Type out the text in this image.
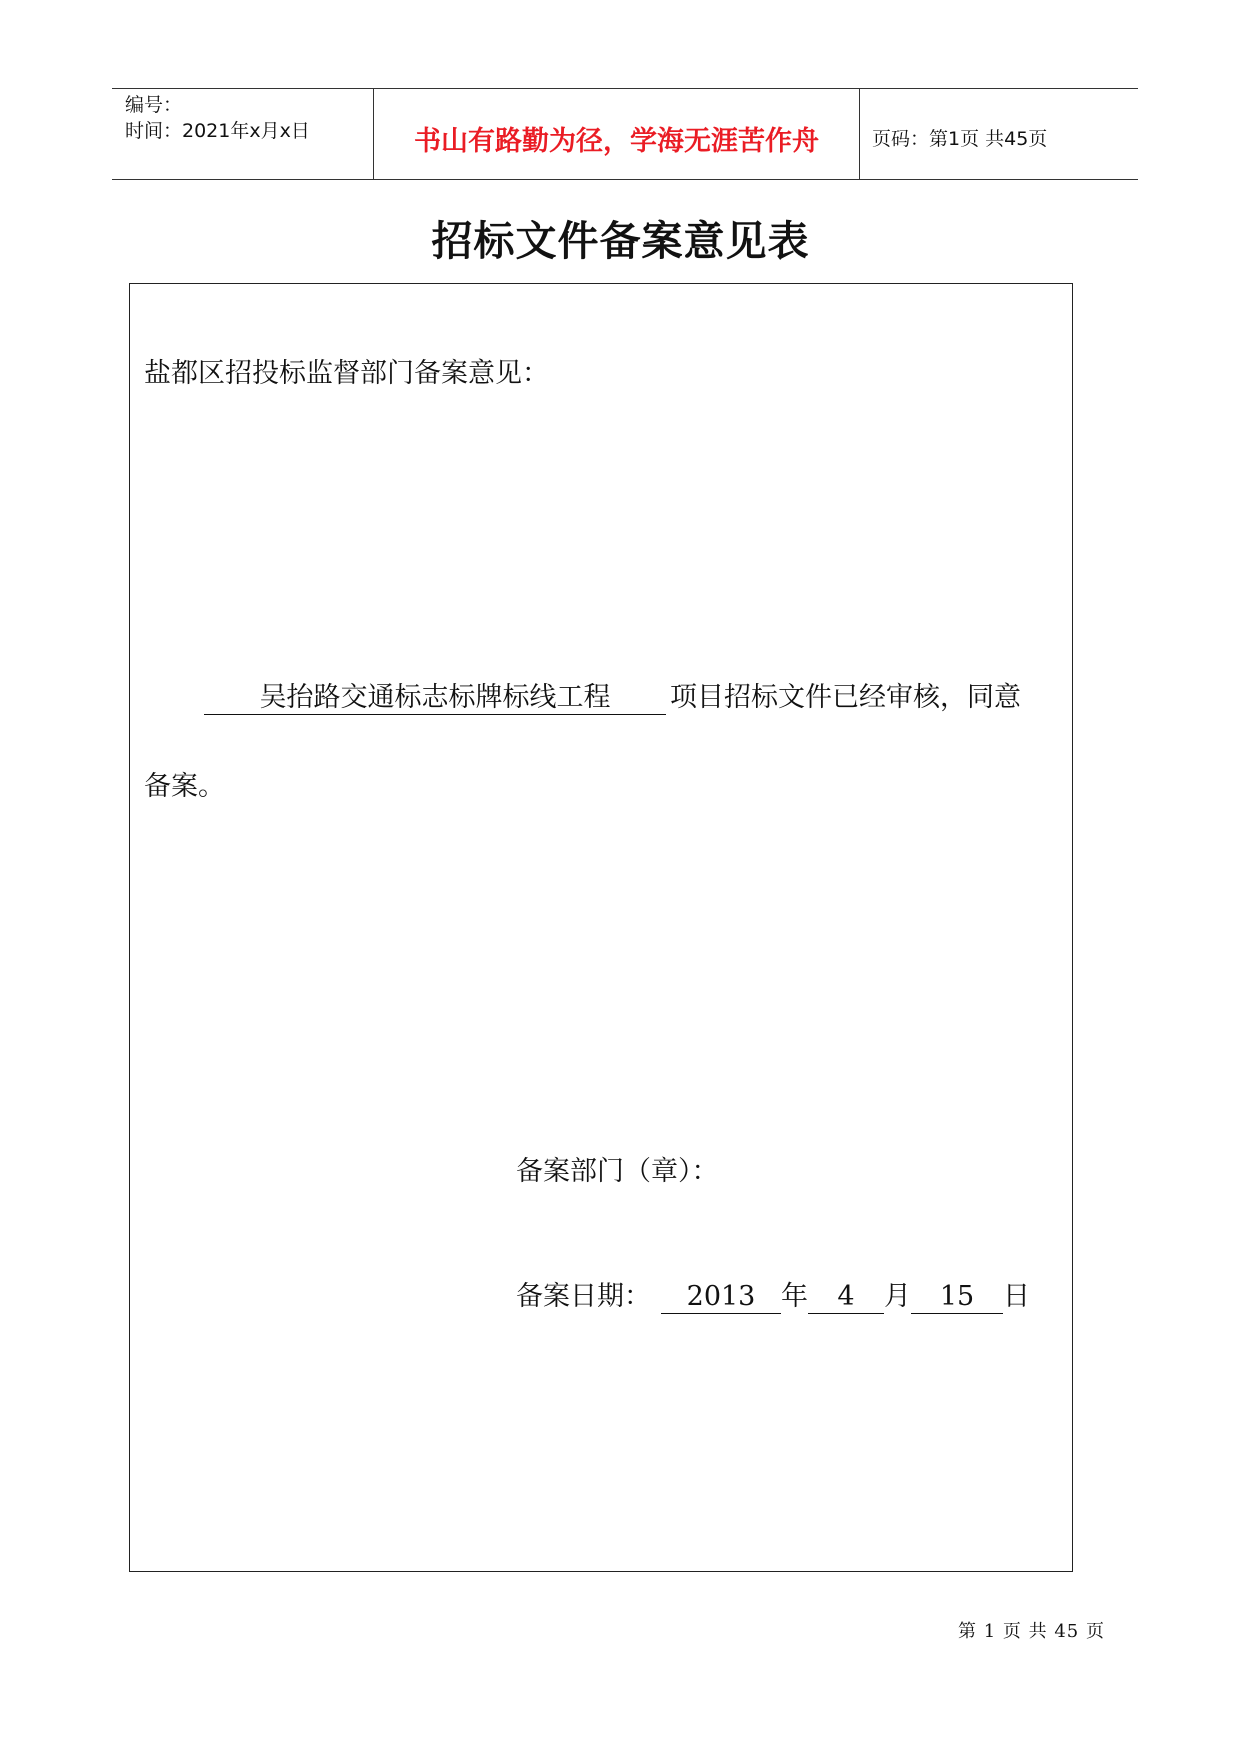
编号：
时间：2021年x月x日	书山有路勤为径，学海无涯苦作舟	页码：第1页 共45页
招标文件备案意见表
盐都区招投标监督部门备案意见：
吴抬路交通标志标牌标线工程 项目招标文件已经审核，同意
备案。
备案部门（章）：
备案日期： 2013 年 4 月 15 日
第 1 页 共 45 页
